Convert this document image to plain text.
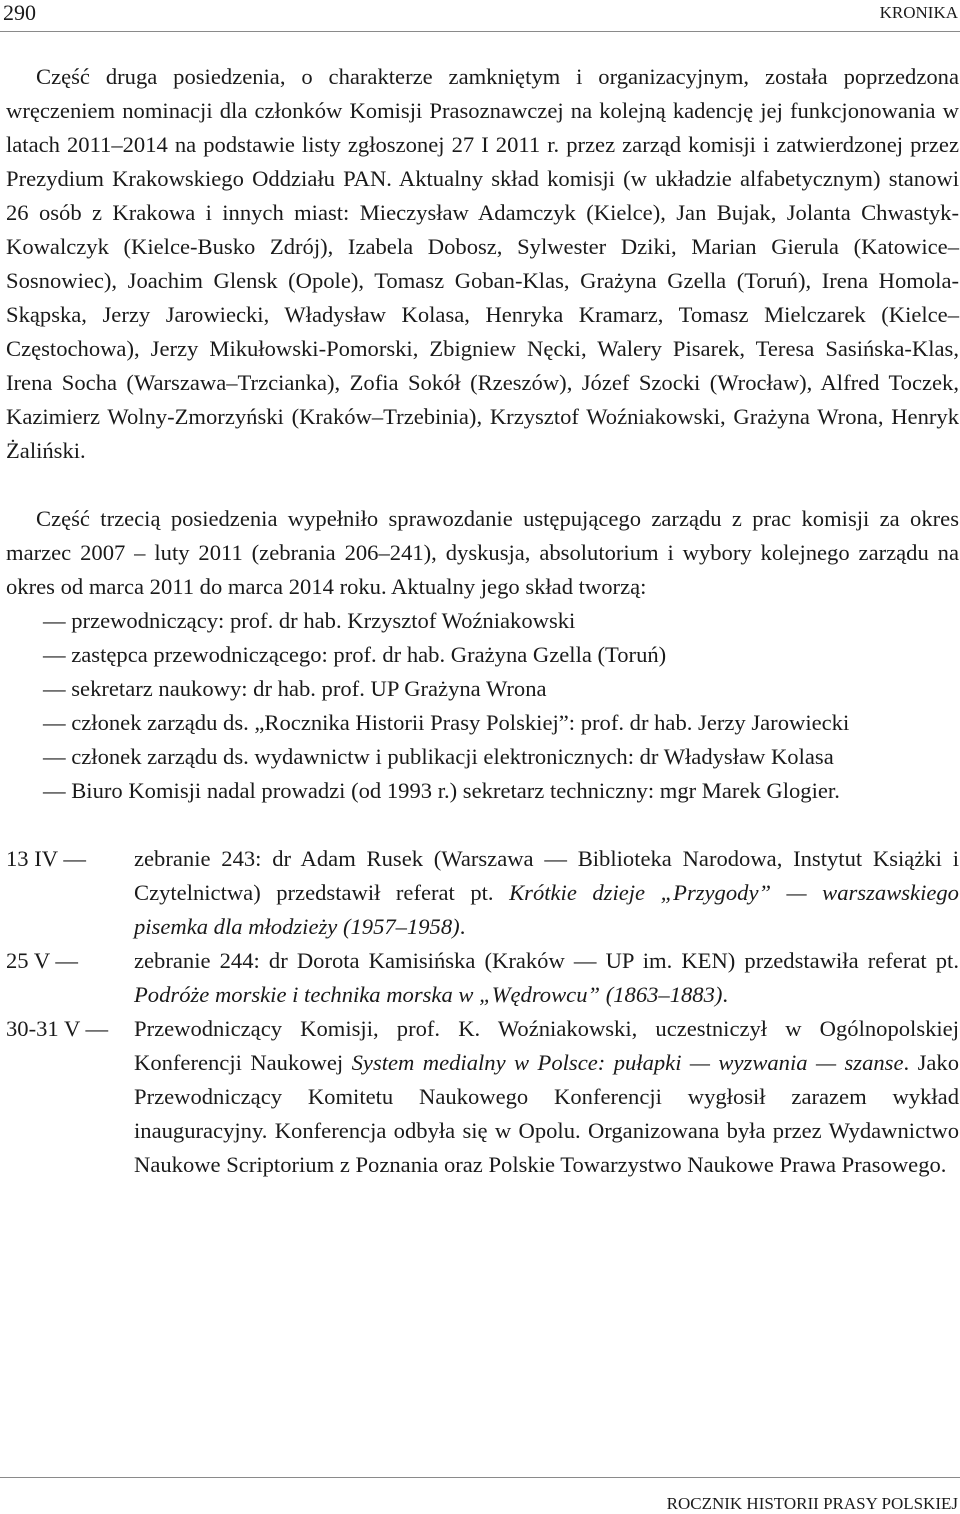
290	KRONIKA

Część druga posiedzenia, o charakterze zamkniętym i organizacyjnym, została poprzedzona wręczeniem nominacji dla członków Komisji Prasoznawczej na kolejną kadencję jej funkcjonowania w latach 2011–2014 na podstawie listy zgłoszonej 27 I 2011 r. przez zarząd komisji i zatwierdzonej przez Prezydium Krakowskiego Oddziału PAN. Aktualny skład komisji (w układzie alfabetycznym) stanowi 26 osób z Krakowa i innych miast: Mieczysław Adamczyk (Kielce), Jan Bujak, Jolanta Chwastyk-Kowalczyk (Kielce-Busko Zdrój), Izabela Dobosz, Sylwester Dziki, Marian Gierula (Katowice–Sosnowiec), Joachim Glensk (Opole), Tomasz Goban-Klas, Grażyna Gzella (Toruń), Irena Homola-Skąpska, Jerzy Jarowiecki, Władysław Kolasa, Henryka Kramarz, Tomasz Mielczarek (Kielce–Częstochowa), Jerzy Mikułowski-Pomorski, Zbigniew Nęcki, Walery Pisarek, Teresa Sasińska-Klas, Irena Socha (Warszawa–Trzcianka), Zofia Sokół (Rzeszów), Józef Szocki (Wrocław), Alfred Toczek, Kazimierz Wolny-Zmorzyński (Kraków–Trzebinia), Krzysztof Woźniakowski, Grażyna Wrona, Henryk Żaliński.

Część trzecią posiedzenia wypełniło sprawozdanie ustępującego zarządu z prac komisji za okres marzec 2007 – luty 2011 (zebrania 206–241), dyskusja, absolutorium i wybory kolejnego zarządu na okres od marca 2011 do marca 2014 roku. Aktualny jego skład tworzą:

— przewodniczący: prof. dr hab. Krzysztof Woźniakowski

— zastępca przewodniczącego: prof. dr hab. Grażyna Gzella (Toruń)

— sekretarz naukowy: dr hab. prof. UP Grażyna Wrona

— członek zarządu ds. „Rocznika Historii Prasy Polskiej”: prof. dr hab. Jerzy Jarowiecki

— członek zarządu ds. wydawnictw i publikacji elektronicznych: dr Władysław Kolasa

— Biuro Komisji nadal prowadzi (od 1993 r.) sekretarz techniczny: mgr Marek Glogier.

13 IV —	zebranie 243: dr Adam Rusek (Warszawa — Biblioteka Narodowa, Instytut Książki i Czytelnictwa) przedstawił referat pt. Krótkie dzieje „Przygody” — warszawskiego pisemka dla młodzieży (1957–1958).
25 V —	zebranie 244: dr Dorota Kamisińska (Kraków — UP im. KEN) przedstawiła referat pt. Podróże morskie i technika morska w „Wędrowcu” (1863–1883).
30-31 V —	Przewodniczący Komisji, prof. K. Woźniakowski, uczestniczył w Ogólnopolskiej Konferencji Naukowej System medialny w Polsce: pułapki — wyzwania — szanse. Jako Przewodniczący Komitetu Naukowego Konferencji wygłosił zarazem wykład inauguracyjny. Konferencja odbyła się w Opolu. Organizowana była przez Wydawnictwo Naukowe Scriptorium z Poznania oraz Polskie Towarzystwo Naukowe Prawa Prasowego.
ROCZNIK HISTORII PRASY POLSKIEJ
